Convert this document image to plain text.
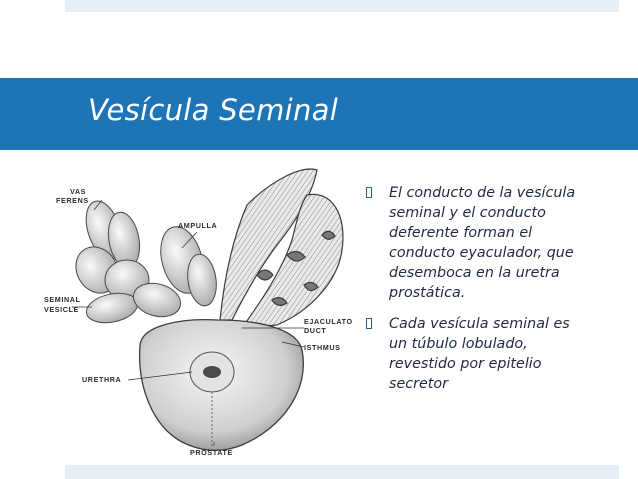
Vesícula Seminal
VAS
FERENS
AMPULLA
SEMINAL
VESICLE
EJACULATO
DUCT
ISTHMUS
URETHRA
PROSTATE
El conducto de la vesícula
seminal y el conducto
deferente forman el
conducto eyaculador, que
desemboca en la uretra
prostática.
Cada vesícula seminal es
un túbulo lobulado,
revestido por epitelio
secretor
